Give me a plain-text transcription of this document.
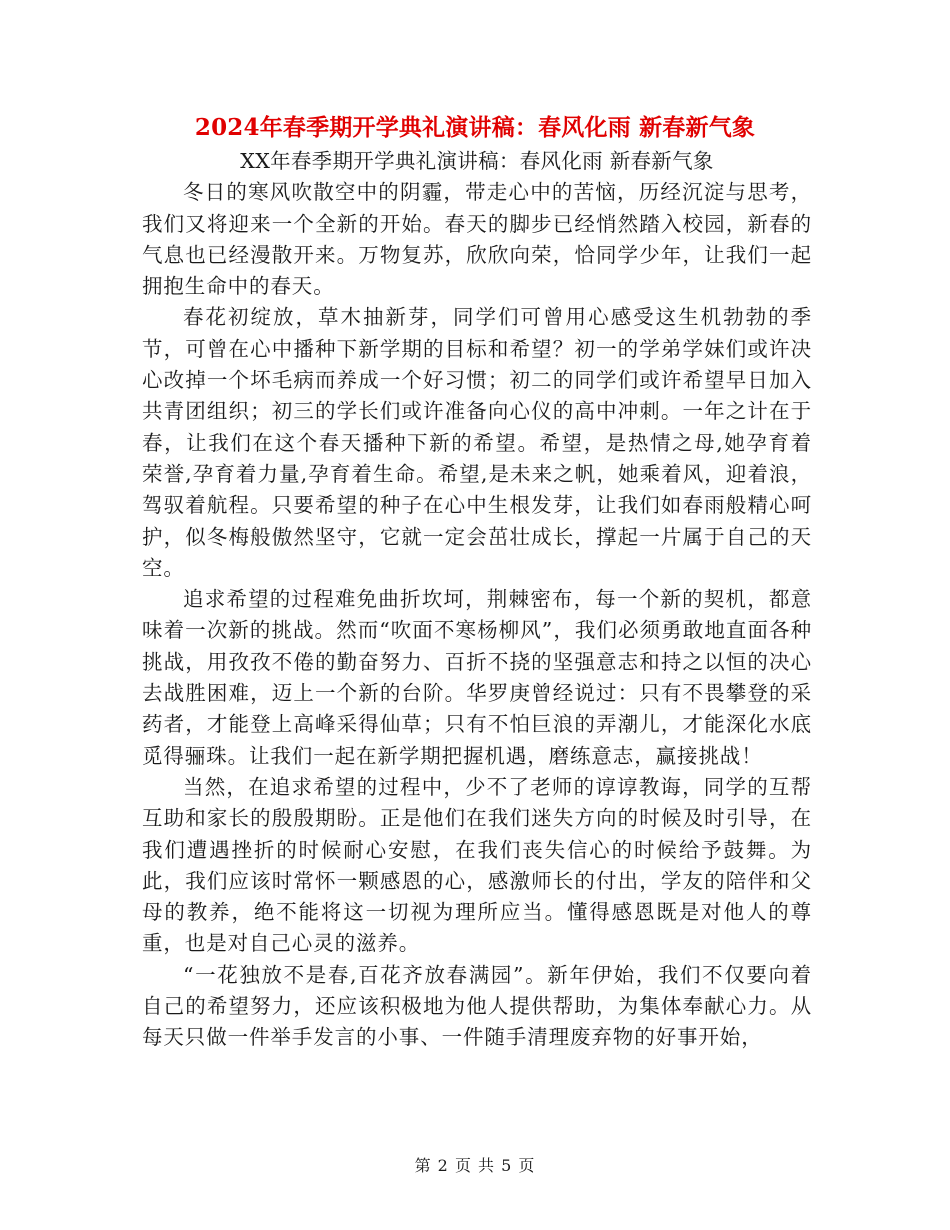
2024年春季期开学典礼演讲稿：春风化雨 新春新气象

XX年春季期开学典礼演讲稿：春风化雨 新春新气象

冬日的寒风吹散空中的阴霾，带走心中的苦恼，历经沉淀与思考，我们又将迎来一个全新的开始。春天的脚步已经悄然踏入校园，新春的气息也已经漫散开来。万物复苏，欣欣向荣，恰同学少年，让我们一起拥抱生命中的春天。

春花初绽放，草木抽新芽，同学们可曾用心感受这生机勃勃的季节，可曾在心中播种下新学期的目标和希望？初一的学弟学妹们或许决心改掉一个坏毛病而养成一个好习惯；初二的同学们或许希望早日加入共青团组织；初三的学长们或许准备向心仪的高中冲刺。一年之计在于春，让我们在这个春天播种下新的希望。希望，是热情之母,她孕育着荣誉,孕育着力量,孕育着生命。希望,是未来之帆，她乘着风，迎着浪，驾驭着航程。只要希望的种子在心中生根发芽，让我们如春雨般精心呵护，似冬梅般傲然坚守，它就一定会茁壮成长，撑起一片属于自己的天空。

追求希望的过程难免曲折坎坷，荆棘密布，每一个新的契机，都意味着一次新的挑战。然而“吹面不寒杨柳风”，我们必须勇敢地直面各种挑战，用孜孜不倦的勤奋努力、百折不挠的坚强意志和持之以恒的决心去战胜困难，迈上一个新的台阶。华罗庚曾经说过：只有不畏攀登的采药者，才能登上高峰采得仙草；只有不怕巨浪的弄潮儿，才能深化水底觅得骊珠。让我们一起在新学期把握机遇，磨练意志，赢接挑战！

当然，在追求希望的过程中，少不了老师的谆谆教诲，同学的互帮互助和家长的殷殷期盼。正是他们在我们迷失方向的时候及时引导，在我们遭遇挫折的时候耐心安慰，在我们丧失信心的时候给予鼓舞。为此，我们应该时常怀一颗感恩的心，感激师长的付出，学友的陪伴和父母的教养，绝不能将这一切视为理所应当。懂得感恩既是对他人的尊重，也是对自己心灵的滋养。

“一花独放不是春,百花齐放春满园”。新年伊始，我们不仅要向着自己的希望努力，还应该积极地为他人提供帮助，为集体奉献心力。从每天只做一件举手发言的小事、一件随手清理废弃物的好事开始，

第 2 页 共 5 页
